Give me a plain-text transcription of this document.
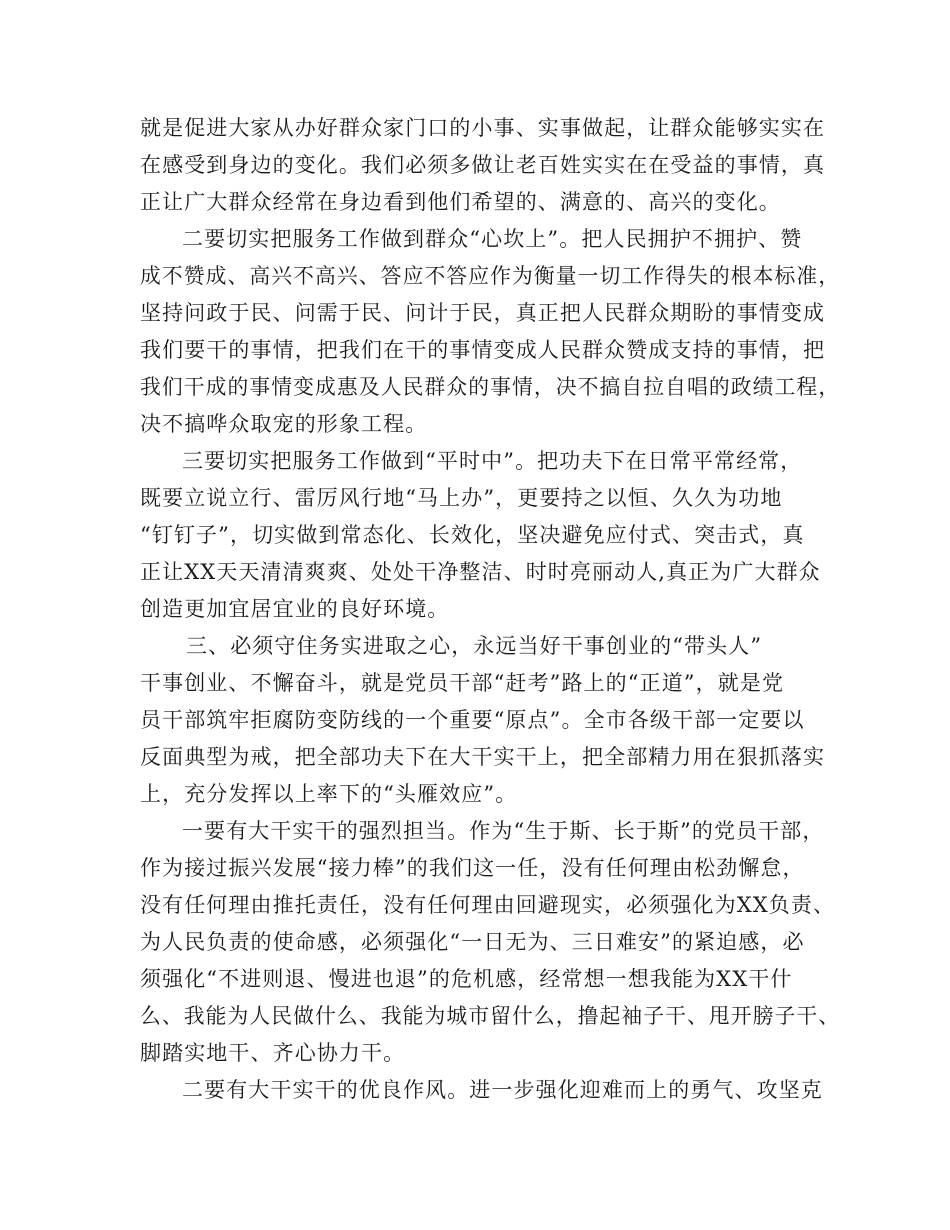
就是促进大家从办好群众家门口的小事、实事做起，让群众能够实实在
在感受到身边的变化。我们必须多做让老百姓实实在在受益的事情，真
正让广大群众经常在身边看到他们希望的、满意的、高兴的变化。
二要切实把服务工作做到群众“心坎上”。把人民拥护不拥护、赞
成不赞成、高兴不高兴、答应不答应作为衡量一切工作得失的根本标准，
坚持问政于民、问需于民、问计于民，真正把人民群众期盼的事情变成
我们要干的事情，把我们在干的事情变成人民群众赞成支持的事情，把
我们干成的事情变成惠及人民群众的事情，决不搞自拉自唱的政绩工程，
决不搞哗众取宠的形象工程。
三要切实把服务工作做到“平时中”。把功夫下在日常平常经常，
既要立说立行、雷厉风行地“马上办”，更要持之以恒、久久为功地
“钉钉子”，切实做到常态化、长效化，坚决避免应付式、突击式，真
正让XX天天清清爽爽、处处干净整洁、时时亮丽动人,真正为广大群众
创造更加宜居宜业的良好环境。
三、必须守住务实进取之心，永远当好干事创业的“带头人”
干事创业、不懈奋斗，就是党员干部“赶考”路上的“正道”，就是党
员干部筑牢拒腐防变防线的一个重要“原点”。全市各级干部一定要以
反面典型为戒，把全部功夫下在大干实干上，把全部精力用在狠抓落实
上，充分发挥以上率下的“头雁效应”。
一要有大干实干的强烈担当。作为“生于斯、长于斯”的党员干部，
作为接过振兴发展“接力棒”的我们这一任，没有任何理由松劲懈怠，
没有任何理由推托责任，没有任何理由回避现实，必须强化为XX负责、
为人民负责的使命感，必须强化“一日无为、三日难安”的紧迫感，必
须强化“不进则退、慢进也退”的危机感，经常想一想我能为XX干什
么、我能为人民做什么、我能为城市留什么，撸起袖子干、甩开膀子干、
脚踏实地干、齐心协力干。
二要有大干实干的优良作风。进一步强化迎难而上的勇气、攻坚克
